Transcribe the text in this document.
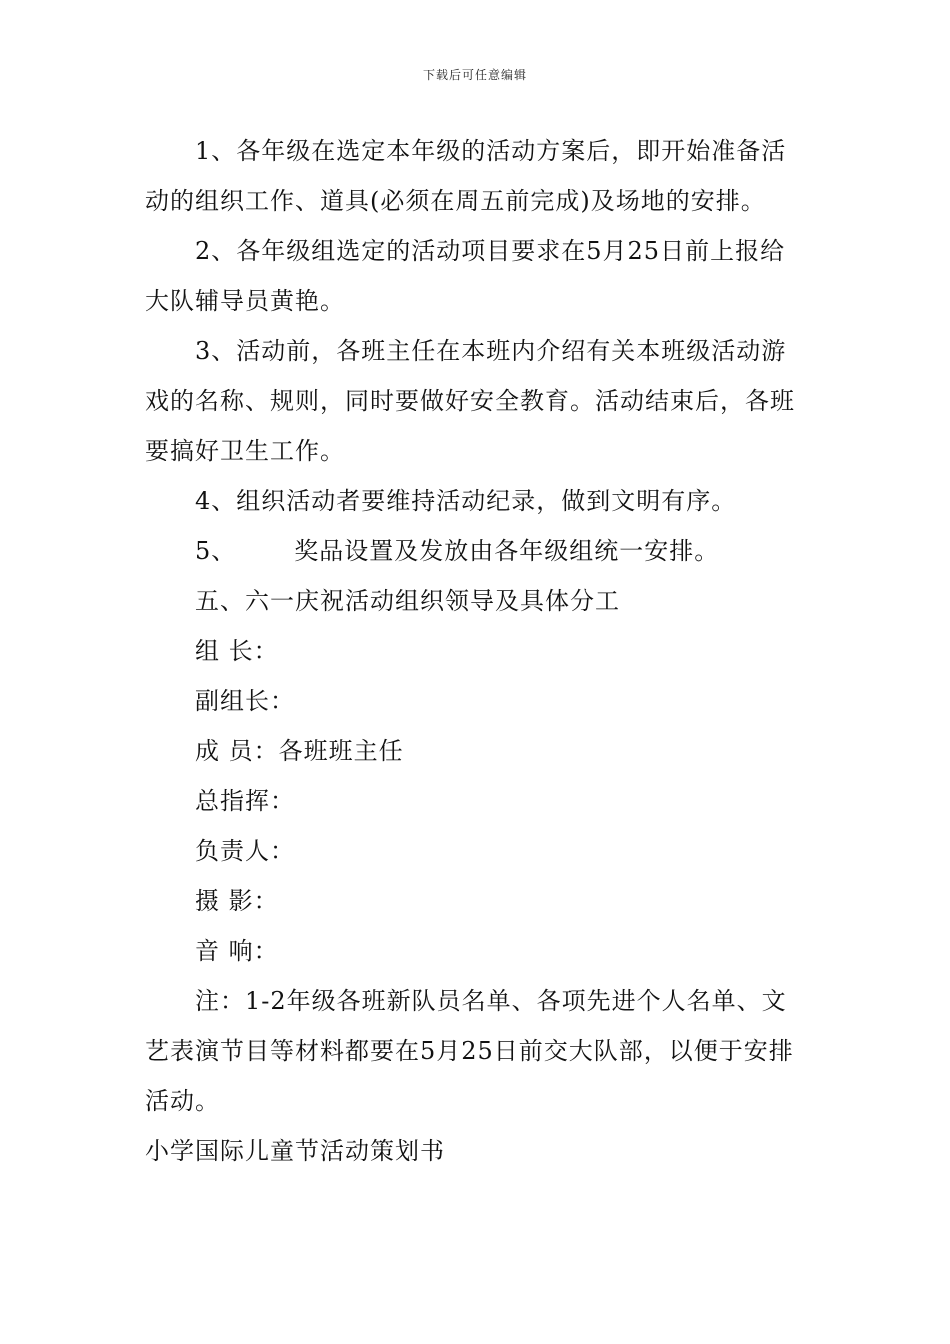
下载后可任意编辑

1、各年级在选定本年级的活动方案后，即开始准备活动的组织工作、道具(必须在周五前完成)及场地的安排。

2、各年级组选定的活动项目要求在5月25日前上报给大队辅导员黄艳。

3、活动前，各班主任在本班内介绍有关本班级活动游戏的名称、规则，同时要做好安全教育。活动结束后，各班要搞好卫生工作。

4、组织活动者要维持活动纪录，做到文明有序。

5、 奖品设置及发放由各年级组统一安排。

五、六一庆祝活动组织领导及具体分工

组 长：

副组长：

成 员：各班班主任

总指挥：

负责人：

摄 影：

音 响：

注：1-2年级各班新队员名单、各项先进个人名单、文艺表演节目等材料都要在5月25日前交大队部，以便于安排活动。

小学国际儿童节活动策划书
